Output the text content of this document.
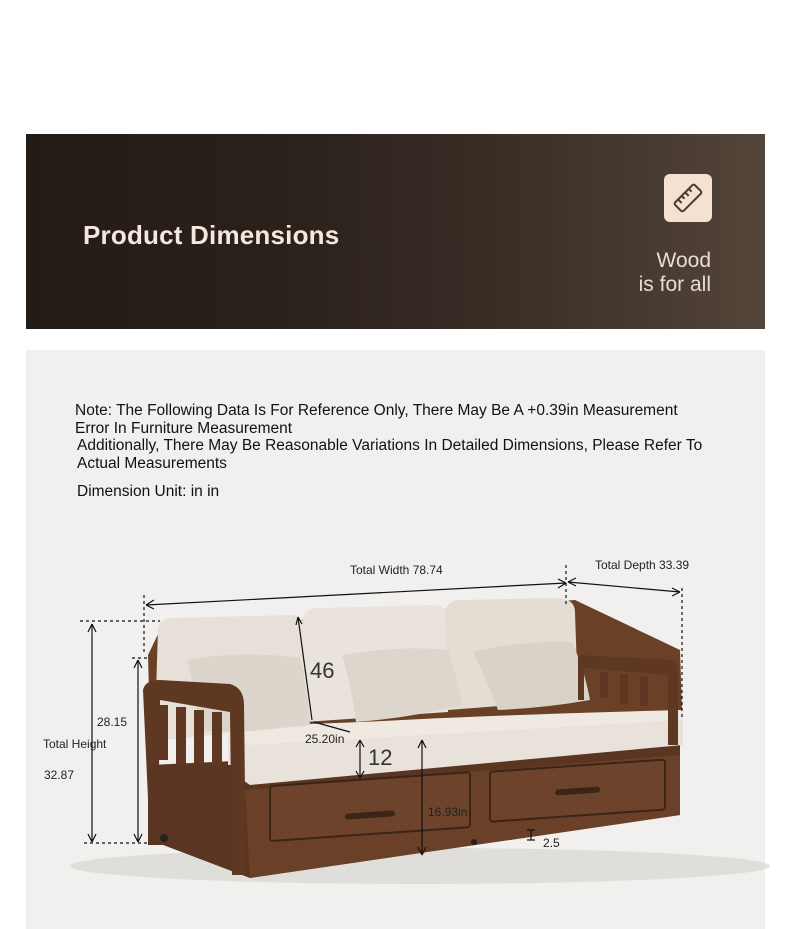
Product Dimensions
Wood
is for all
Note: The Following Data Is For Reference Only, There May Be A +0.39in Measurement
Error In Furniture Measurement
Additionally, There May Be Reasonable Variations In Detailed Dimensions, Please Refer To
Actual Measurements
Dimension Unit: in in
Total Width 78.74	Total Depth 33.39
46
25.20in
12
16.93in
2.5
28.15
Total Height
32.87
